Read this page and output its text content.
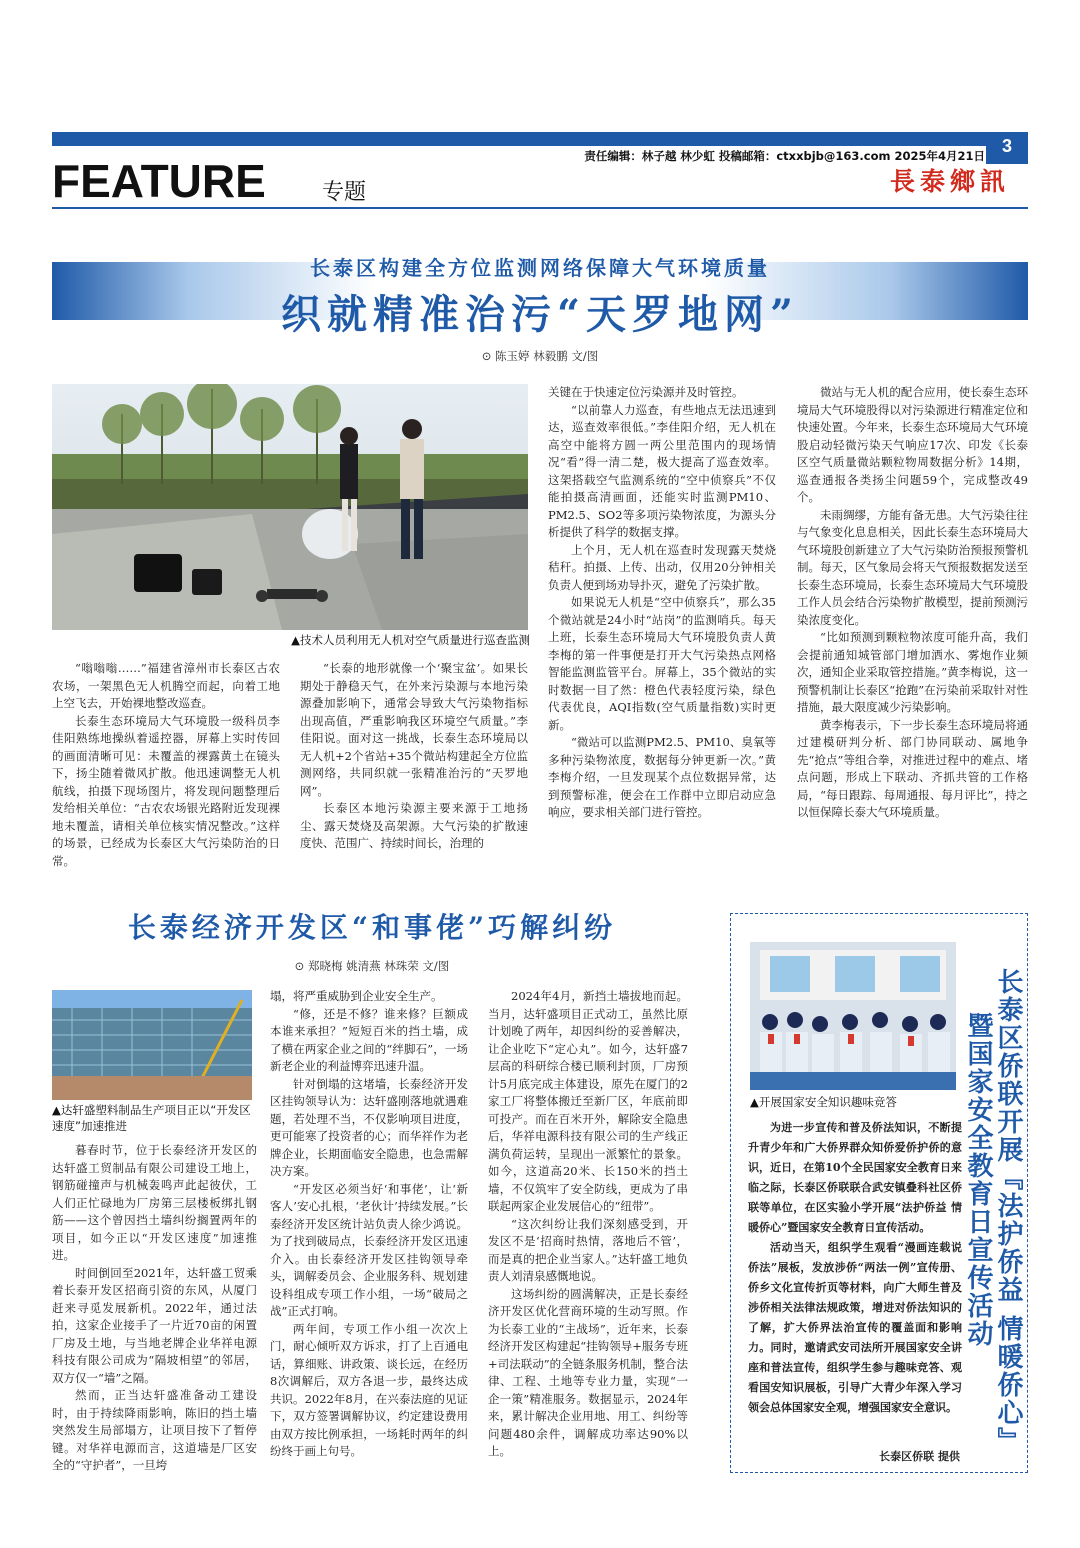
3
责任编辑：林子越 林少虹 投稿邮箱：ctxxbjb@163.com 2025年4月21日
FEATURE	专题	長泰鄉訊
长泰区构建全方位监测网络保障大气环境质量
织就精准治污“天罗地网”
⊙ 陈玉婷 林毅鹏 文/图
▲技术人员利用无人机对空气质量进行巡查监测

“嗡嗡嗡……”福建省漳州市长泰区古农农场，一架黑色无人机腾空而起，向着工地上空飞去，开始裸地整改巡查。

长泰生态环境局大气环境股一级科员李佳阳熟练地操纵着遥控器，屏幕上实时传回的画面清晰可见：未覆盖的裸露黄土在镜头下，扬尘随着微风扩散。他迅速调整无人机航线，拍摄下现场图片，将发现问题整理后发给相关单位：“古农农场银光路附近发现裸地未覆盖，请相关单位核实情况整改。”这样的场景，已经成为长泰区大气污染防治的日常。

“长泰的地形就像一个‘聚宝盆’。如果长期处于静稳天气，在外来污染源与本地污染源叠加影响下，通常会导致大气污染物指标出现高值，严重影响我区环境空气质量。”李佳阳说。面对这一挑战，长泰生态环境局以无人机+2个省站+35个微站构建起全方位监测网络，共同织就一张精准治污的“天罗地网”。

长泰区本地污染源主要来源于工地扬尘、露天焚烧及高架源。大气污染的扩散速度快、范围广、持续时间长，治理的

关键在于快速定位污染源并及时管控。

“以前靠人力巡查，有些地点无法迅速到达，巡查效率很低。”李佳阳介绍，无人机在高空中能将方圆一两公里范围内的现场情况“看”得一清二楚，极大提高了巡查效率。这架搭载空气监测系统的“空中侦察兵”不仅能拍摄高清画面，还能实时监测PM10、PM2.5、SO2等多项污染物浓度，为源头分析提供了科学的数据支撑。

上个月，无人机在巡查时发现露天焚烧秸秆。拍摄、上传、出动，仅用20分钟相关负责人便到场劝导扑灭，避免了污染扩散。

如果说无人机是“空中侦察兵”，那么35个微站就是24小时“站岗”的监测哨兵。每天上班，长泰生态环境局大气环境股负责人黄李梅的第一件事便是打开大气污染热点网格智能监测监管平台。屏幕上，35个微站的实时数据一目了然：橙色代表轻度污染，绿色代表优良，AQI指数(空气质量指数)实时更新。

“微站可以监测PM2.5、PM10、臭氧等多种污染物浓度，数据每分钟更新一次。”黄李梅介绍，一旦发现某个点位数据异常，达到预警标准，便会在工作群中立即启动应急响应，要求相关部门进行管控。

微站与无人机的配合应用，使长泰生态环境局大气环境股得以对污染源进行精准定位和快速处置。今年来，长泰生态环境局大气环境股启动轻微污染天气响应17次、印发《长泰区空气质量微站颗粒物周数据分析》14期，巡查通报各类扬尘问题59个，完成整改49个。

未雨绸缪，方能有备无患。大气污染往往与气象变化息息相关，因此长泰生态环境局大气环境股创新建立了大气污染防治预报预警机制。每天，区气象局会将天气预报数据发送至长泰生态环境局，长泰生态环境局大气环境股工作人员会结合污染物扩散模型，提前预测污染浓度变化。

“比如预测到颗粒物浓度可能升高，我们会提前通知城管部门增加洒水、雾炮作业频次，通知企业采取管控措施。”黄李梅说，这一预警机制让长泰区“抢跑”在污染前采取针对性措施，最大限度减少污染影响。

黄李梅表示，下一步长泰生态环境局将通过建模研判分析、部门协同联动、属地争先“抢点”等组合拳，对推进过程中的难点、堵点问题，形成上下联动、齐抓共管的工作格局，“每日跟踪、每周通报、每月评比”，持之以恒保障长泰大气环境质量。

长泰经济开发区“和事佬”巧解纠纷
⊙ 郑晓梅 姚清燕 林珠荣 文/图
▲达轩盛塑料制品生产项目正以“开发区速度”加速推进

暮春时节，位于长泰经济开发区的达轩盛工贸制品有限公司建设工地上，钢筋碰撞声与机械轰鸣声此起彼伏，工人们正忙碌地为厂房第三层楼板绑扎钢筋——这个曾因挡土墙纠纷搁置两年的项目，如今正以“开发区速度”加速推进。

时间倒回至2021年，达轩盛工贸乘着长泰开发区招商引资的东风，从厦门赶来寻觅发展新机。2022年，通过法拍，这家企业接手了一片近70亩的闲置厂房及土地，与当地老牌企业华祥电源科技有限公司成为“隔坡相望”的邻居，双方仅一“墙”之隔。

然而，正当达轩盛准备动工建设时，由于持续降雨影响，陈旧的挡土墙突然发生局部塌方，让项目按下了暂停键。对华祥电源而言，这道墙是厂区安全的“守护者”，一旦垮

塌，将严重威胁到企业安全生产。

“修，还是不修？谁来修？巨额成本谁来承担？”短短百米的挡土墙，成了横在两家企业之间的“绊脚石”，一场新老企业的利益博弈迅速升温。

针对倒塌的这堵墙，长泰经济开发区挂钩领导认为：达轩盛刚落地就遇难题，若处理不当，不仅影响项目进度，更可能寒了投资者的心；而华祥作为老牌企业，长期面临安全隐患，也急需解决方案。

“开发区必须当好‘和事佬’，让‘新客人’安心扎根，‘老伙计’持续发展。”长泰经济开发区统计站负责人徐少鸿说。为了找到破局点，长泰经济开发区迅速介入。由长泰经济开发区挂钩领导牵头，调解委员会、企业服务科、规划建设科组成专项工作小组，一场“破局之战”正式打响。

两年间，专项工作小组一次次上门，耐心倾听双方诉求，打了上百通电话，算细账、讲政策、谈长远，在经历8次调解后，双方各退一步，最终达成共识。2022年8月，在兴泰法庭的见证下，双方签署调解协议，约定建设费用由双方按比例承担，一场耗时两年的纠纷终于画上句号。

2024年4月，新挡土墙拔地而起。当月，达轩盛项目正式动工，虽然比原计划晚了两年，却因纠纷的妥善解决，让企业吃下“定心丸”。如今，达轩盛7层高的科研综合楼已顺利封顶，厂房预计5月底完成主体建设，原先在厦门的2家工厂将整体搬迁至新厂区，年底前即可投产。而在百米开外，解除安全隐患后，华祥电源科技有限公司的生产线正满负荷运转，呈现出一派繁忙的景象。如今，这道高20米、长150米的挡土墙，不仅筑牢了安全防线，更成为了串联起两家企业发展信心的“纽带”。

“这次纠纷让我们深刻感受到，开发区不是‘招商时热情，落地后不管’，而是真的把企业当家人。”达轩盛工地负责人刘清泉感慨地说。

这场纠纷的圆满解决，正是长泰经济开发区优化营商环境的生动写照。作为长泰工业的“主战场”，近年来，长泰经济开发区构建起“挂钩领导+服务专班+司法联动”的全链条服务机制，整合法律、工程、土地等专业力量，实现“一企一策”精准服务。数据显示，2024年来，累计解决企业用地、用工、纠纷等问题480余件，调解成功率达90%以上。

▲开展国家安全知识趣味竞答	长泰区侨联开展『法护侨益 情暖侨心』
暨国家安全教育日宣传活动

为进一步宣传和普及侨法知识，不断提升青少年和广大侨界群众知侨爱侨护侨的意识，近日，在第10个全民国家安全教育日来临之际，长泰区侨联联合武安镇叠科社区侨联等单位，在区实验小学开展“法护侨益 情暖侨心”暨国家安全教育日宣传活动。

活动当天，组织学生观看“漫画连载说侨法”展板，发放涉侨“两法一例”宣传册、侨乡文化宣传折页等材料，向广大师生普及涉侨相关法律法规政策，增进对侨法知识的了解，扩大侨界法治宣传的覆盖面和影响力。同时，邀请武安司法所开展国家安全讲座和普法宣传，组织学生参与趣味竞答、观看国安知识展板，引导广大青少年深入学习领会总体国家安全观，增强国家安全意识。

长泰区侨联 提供
